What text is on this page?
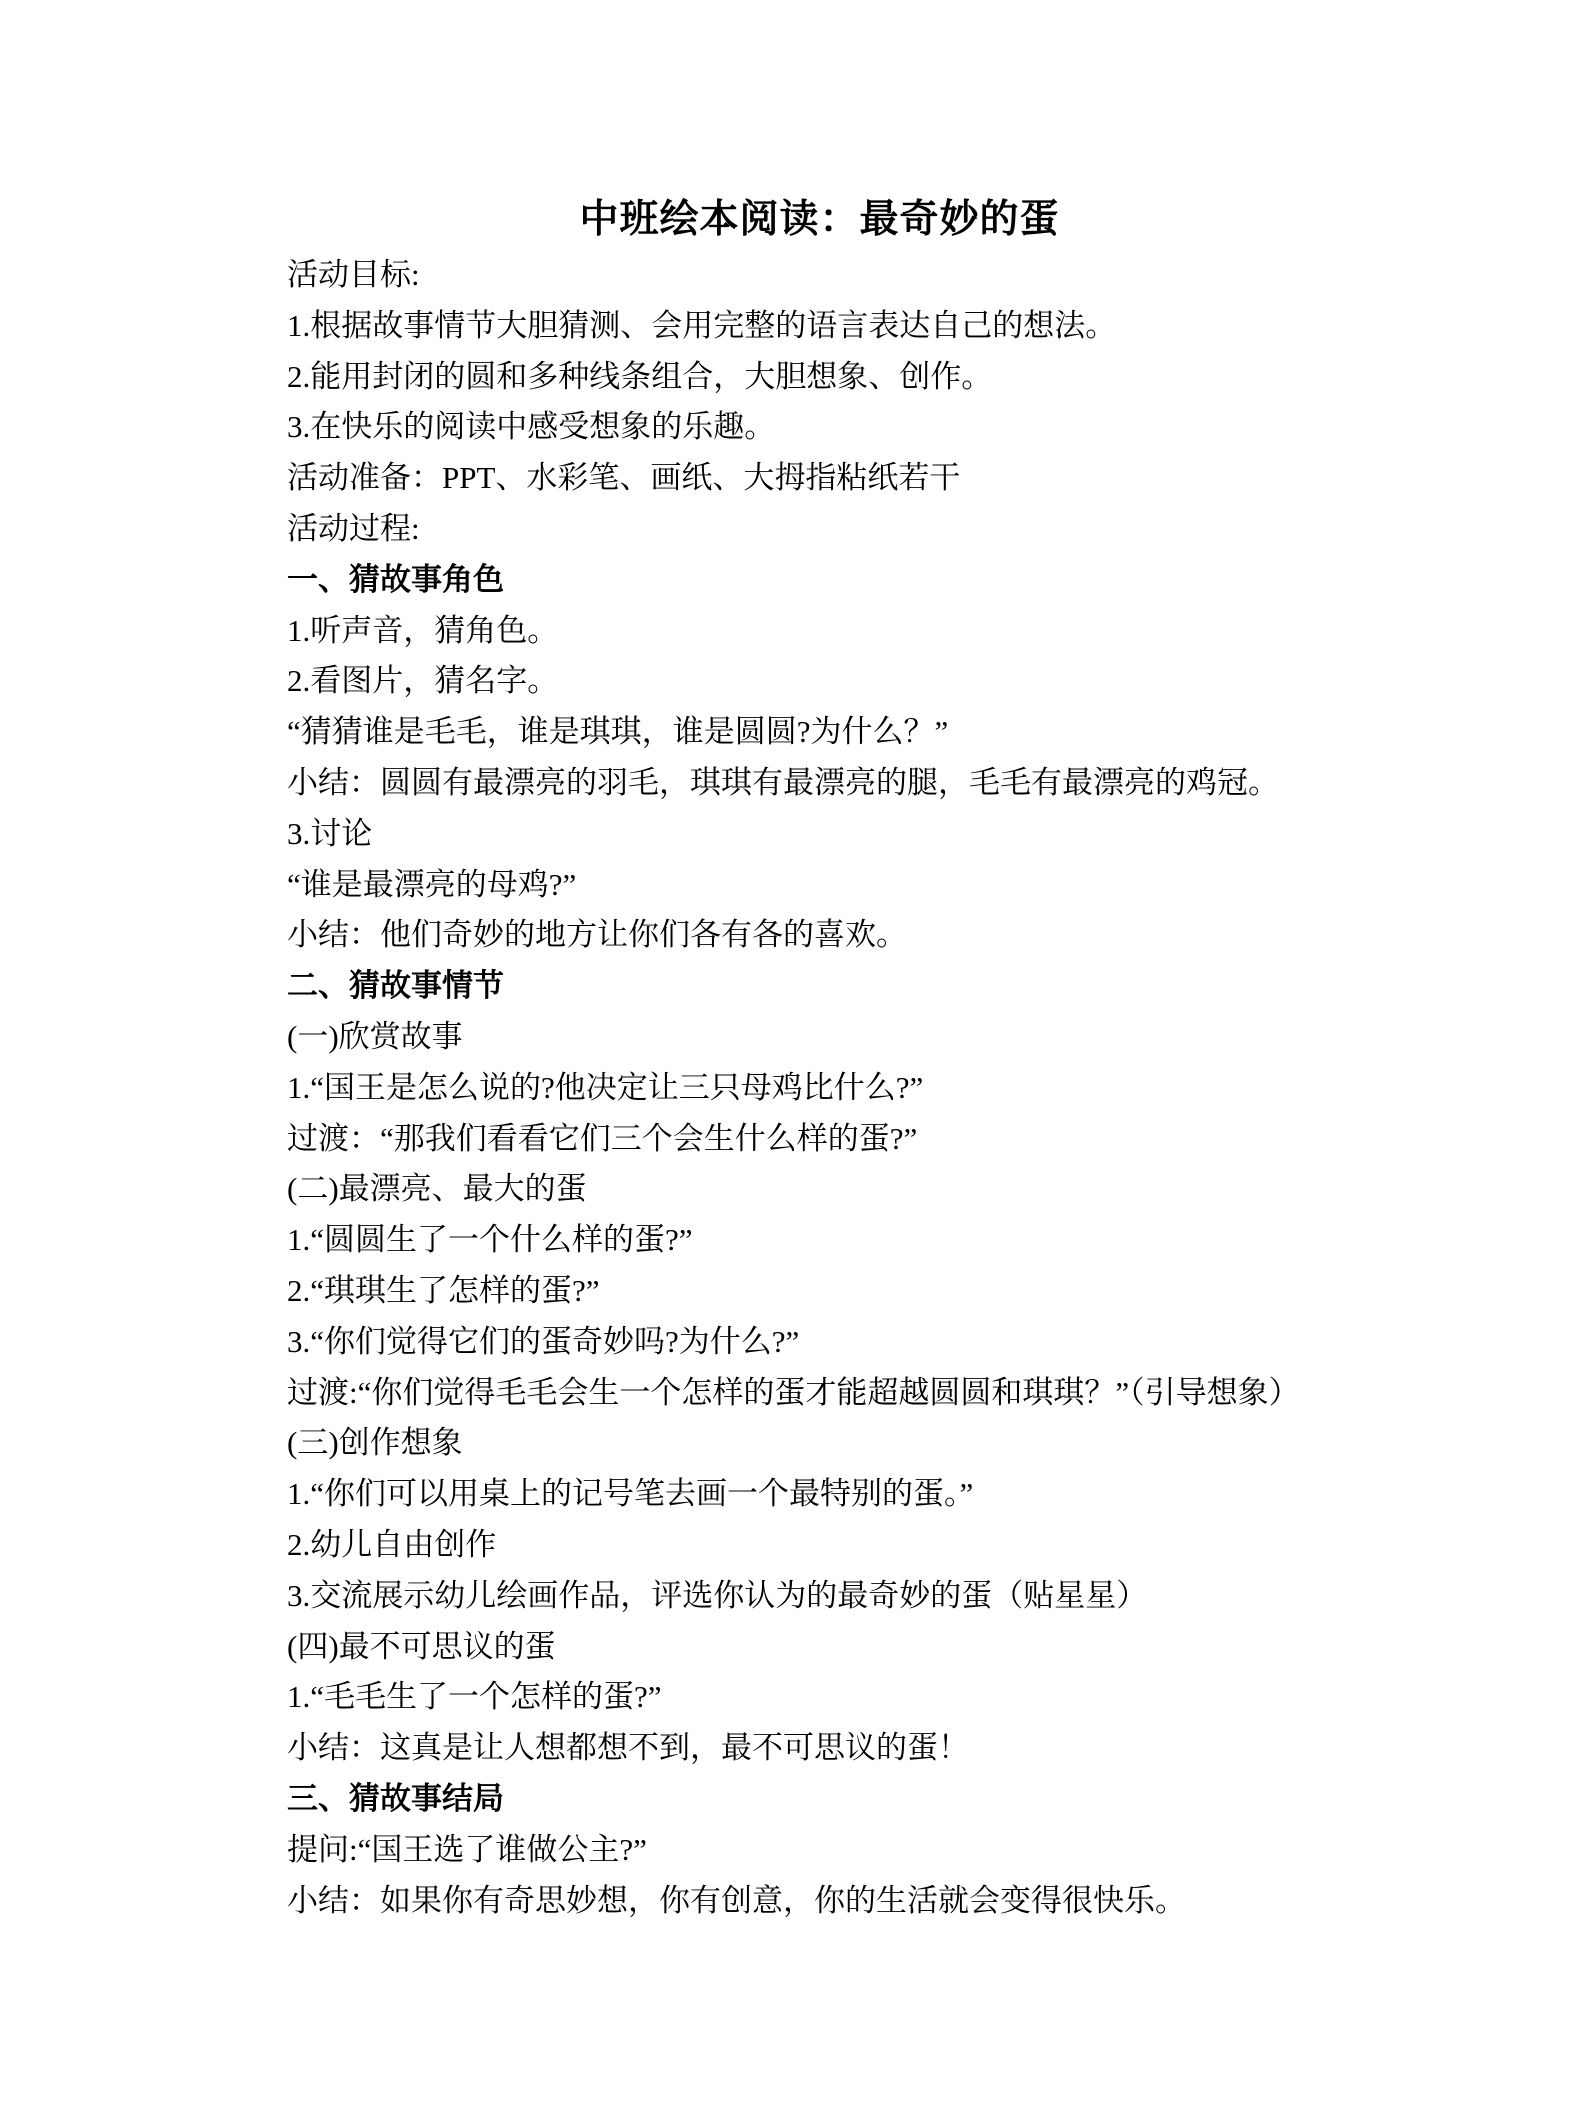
中班绘本阅读：最奇妙的蛋

活动目标:

1.根据故事情节大胆猜测、会用完整的语言表达自己的想法。

2.能用封闭的圆和多种线条组合，大胆想象、创作。

3.在快乐的阅读中感受想象的乐趣。

活动准备：PPT、水彩笔、画纸、大拇指粘纸若干

活动过程:

一、猜故事角色

1.听声音，猜角色。

2.看图片，猜名字。

“猜猜谁是毛毛，谁是琪琪，谁是圆圆?为什么？”

小结：圆圆有最漂亮的羽毛，琪琪有最漂亮的腿，毛毛有最漂亮的鸡冠。

3.讨论

“谁是最漂亮的母鸡?”

小结：他们奇妙的地方让你们各有各的喜欢。

二、猜故事情节

(一)欣赏故事

1.“国王是怎么说的?他决定让三只母鸡比什么?”

过渡：“那我们看看它们三个会生什么样的蛋?”

(二)最漂亮、最大的蛋

1.“圆圆生了一个什么样的蛋?”

2.“琪琪生了怎样的蛋?”

3.“你们觉得它们的蛋奇妙吗?为什么?”

过渡:“你们觉得毛毛会生一个怎样的蛋才能超越圆圆和琪琪？”（引导想象）

(三)创作想象

1.“你们可以用桌上的记号笔去画一个最特别的蛋。”

2.幼儿自由创作

3.交流展示幼儿绘画作品，评选你认为的最奇妙的蛋（贴星星）

(四)最不可思议的蛋

1.“毛毛生了一个怎样的蛋?”

小结：这真是让人想都想不到，最不可思议的蛋！

三、猜故事结局

提问:“国王选了谁做公主?”

小结：如果你有奇思妙想，你有创意，你的生活就会变得很快乐。
